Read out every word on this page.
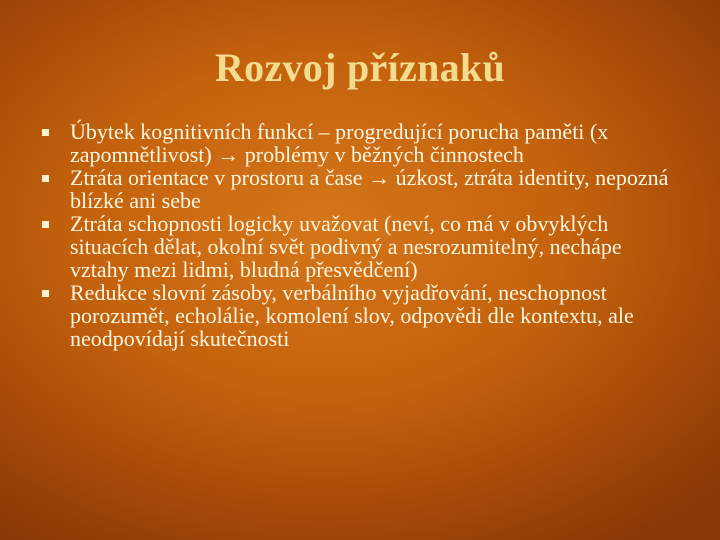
Rozvoj příznaků
Úbytek kognitivních funkcí – progredující porucha paměti (x zapomnětlivost) → problémy v běžných činnostech
Ztráta orientace v prostoru a čase → úzkost, ztráta identity, nepozná blízké ani sebe
Ztráta schopnosti logicky uvažovat (neví, co má v obvyklých situacích dělat, okolní svět podivný a nesrozumitelný, nechápe vztahy mezi lidmi, bludná přesvědčení)
Redukce slovní zásoby, verbálního vyjadřování, neschopnost porozumět, echolálie, komolení slov, odpovědi dle kontextu, ale neodpovídají skutečnosti
